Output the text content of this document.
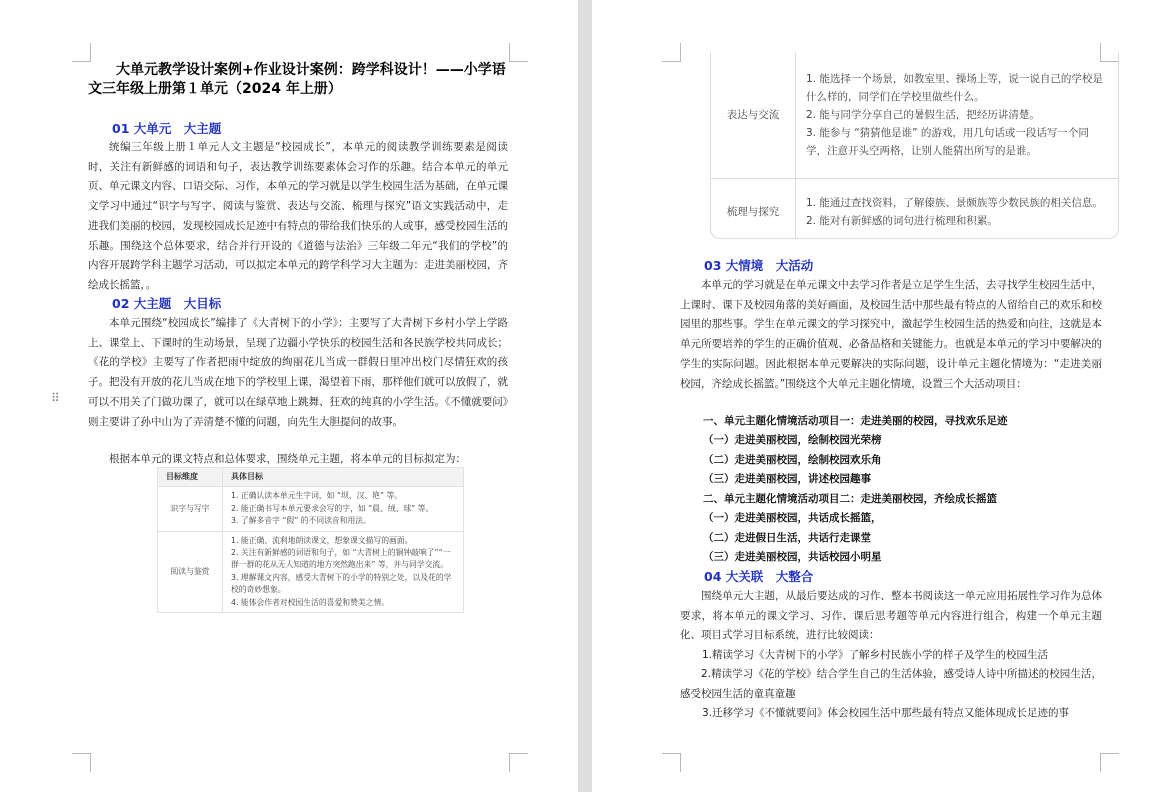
大单元教学设计案例+作业设计案例：跨学科设计！——小学语文三年级上册第１单元（2024 年上册）
01 大单元　大主题

统编三年级上册１单元人文主题是“校园成长”，本单元的阅读教学训练要素是阅读时，关注有新鲜感的词语和句子，表达教学训练要素体会习作的乐趣。结合本单元的单元页、单元课文内容、口语交际、习作，本单元的学习就是以学生校园生活为基础，在单元课文学习中通过“识字与写字、阅读与鉴赏、表达与交流、梳理与探究”语文实践活动中，走进我们美丽的校园，发现校园成长足迹中有特点的带给我们快乐的人或事，感受校园生活的乐趣。围绕这个总体要求，结合并行开设的《道德与法治》三年级二年元“我们的学校”的内容开展跨学科主题学习活动，可以拟定本单元的跨学科学习大主题为：走进美丽校园，齐绘成长摇篮，。

02 大主题　大目标

本单元围绕“校园成长”编排了《大青树下的小学》：主要写了大青树下乡村小学上学路上、课堂上、下课时的生动场景，呈现了边疆小学快乐的校园生活和各民族学校共同成长；《花的学校》主要写了作者把雨中绽放的绚丽花儿当成一群假日里冲出校门尽情狂欢的孩子。把没有开放的花儿当成在地下的学校里上课，渴望着下雨，那样他们就可以放假了，就可以不用关了门做功课了，就可以在绿草地上跳舞、狂欢的纯真的小学生活。《不懂就要问》则主要讲了孙中山为了弄清楚不懂的问题，向先生大胆提问的故事。

根据本单元的课文特点和总体要求，围绕单元主题，将本单元的目标拟定为：

目标维度	具体目标
识字与写字	1. 正确认读本单元生字词，如 “坝、汉、艳” 等。
2. 能正确书写本单元要求会写的字，如 “晨、绒、球” 等。
3. 了解多音字 “假” 的不同读音和用法。

阅读与鉴赏	1. 能正确、流利地朗读课文，想象课文描写的画面。
2. 关注有新鲜感的词语和句子，如 “大青树上的铜钟敲响了”“一群一群的花从无人知道的地方突然跑出来” 等，并与同学交流。
3. 理解课文内容，感受大青树下的小学的特别之处，以及花的学校的奇妙想象。
4. 能体会作者对校园生活的喜爱和赞美之情。
⠿
表达与交流	1. 能选择一个场景，如教室里、操场上等，说一说自己的学校是什么样的，同学们在学校里做些什么。
2. 能与同学分享自己的暑假生活，把经历讲清楚。
3. 能参与 “猜猜他是谁” 的游戏，用几句话或一段话写一个同学，注意开头空两格，让别人能猜出所写的是谁。

梳理与探究	1. 能通过查找资料，了解傣族、景颇族等少数民族的相关信息。
2. 能对有新鲜感的词句进行梳理和积累。
03 大情境　大活动

本单元的学习就是在单元课文中去学习作者是立足学生生活，去寻找学生校园生活中，上课时、课下及校园角落的美好画面，及校园生活中那些最有特点的人留给自己的欢乐和校园里的那些事。学生在单元课文的学习探究中，激起学生校园生活的热爱和向往，这就是本单元所要培养的学生的正确价值观、必备品格和关键能力。也就是本单元的学习中要解决的学生的实际问题。因此根据本单元要解决的实际问题，设计单元主题化情境为：“走进美丽校园，齐绘成长摇篮。”围绕这个大单元主题化情境，设置三个大活动项目：

一、单元主题化情境活动项目一：走进美丽的校园，寻找欢乐足迹
（一）走进美丽校园，绘制校园光荣榜
（二）走进美丽校园，绘制校园欢乐角
（三）走进美丽校园，讲述校园趣事
二、单元主题化情境活动项目二：走进美丽校园，齐绘成长摇篮
（一）走进美丽校园，共话成长摇篮，
（二）走进假日生活，共话行走课堂
（三）走进美丽校园，共话校园小明星
04 大关联　大整合

围绕单元大主题，从最后要达成的习作、整本书阅读这一单元应用拓展性学习作为总体要求，将本单元的课文学习、习作、课后思考题等单元内容进行组合，构建一个单元主题化、项目式学习目标系统，进行比较阅读：

1.精读学习《大青树下的小学》了解乡村民族小学的样子及学生的校园生活

2.精读学习《花的学校》结合学生自己的生活体验，感受诗人诗中所描述的校园生活，感受校园生活的童真童趣

3.迁移学习《不懂就要问》体会校园生活中那些最有特点又能体现成长足迹的事
